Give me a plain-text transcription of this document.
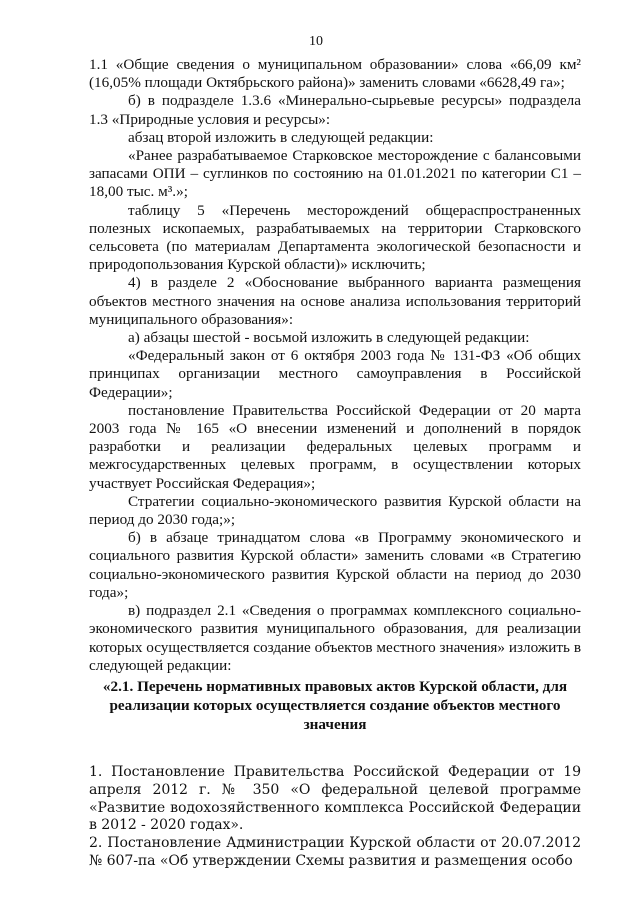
10

1.1 «Общие сведения о муниципальном образовании» слова «66,09 км² (16,05% площади Октябрьского района)» заменить словами «6628,49 га»;

б) в подразделе 1.3.6 «Минерально-сырьевые ресурсы» подраздела 1.3 «Природные условия и ресурсы»:

абзац второй изложить в следующей редакции:

«Ранее разрабатываемое Старковское месторождение с балансовыми запасами ОПИ – суглинков по состоянию на 01.01.2021 по категории С1 – 18,00 тыс. м³.»;

таблицу 5 «Перечень месторождений общераспространенных полезных ископаемых, разрабатываемых на территории Старковского сельсовета (по материалам Департамента экологической безопасности и природопользования Курской области)» исключить;

4) в разделе 2 «Обоснование выбранного варианта размещения объектов местного значения на основе анализа использования территорий муниципального образования»:

а) абзацы шестой - восьмой изложить в следующей редакции:

«Федеральный закон от 6 октября 2003 года № 131-ФЗ «Об общих принципах организации местного самоуправления в Российской Федерации»;

постановление Правительства Российской Федерации от 20 марта 2003 года № 165 «О внесении изменений и дополнений в порядок разработки и реализации федеральных целевых программ и межгосударственных целевых программ, в осуществлении которых участвует Российская Федерация»;

Стратегии социально-экономического развития Курской области на период до 2030 года;»;

б) в абзаце тринадцатом слова «в Программу экономического и социального развития Курской области» заменить словами «в Стратегию социально-экономического развития Курской области на период до 2030 года»;

в) подраздел 2.1 «Сведения о программах комплексного социально-экономического развития муниципального образования, для реализации которых осуществляется создание объектов местного значения» изложить в следующей редакции:

«2.1. Перечень нормативных правовых актов Курской области, для реализации которых осуществляется создание объектов местного значения

1. Постановление Правительства Российской Федерации от 19 апреля 2012 г. № 350 «О федеральной целевой программе «Развитие водохозяйственного комплекса Российской Федерации в 2012 - 2020 годах».

2. Постановление Администрации Курской области от 20.07.2012 № 607-па «Об утверждении Схемы развития и размещения особо
